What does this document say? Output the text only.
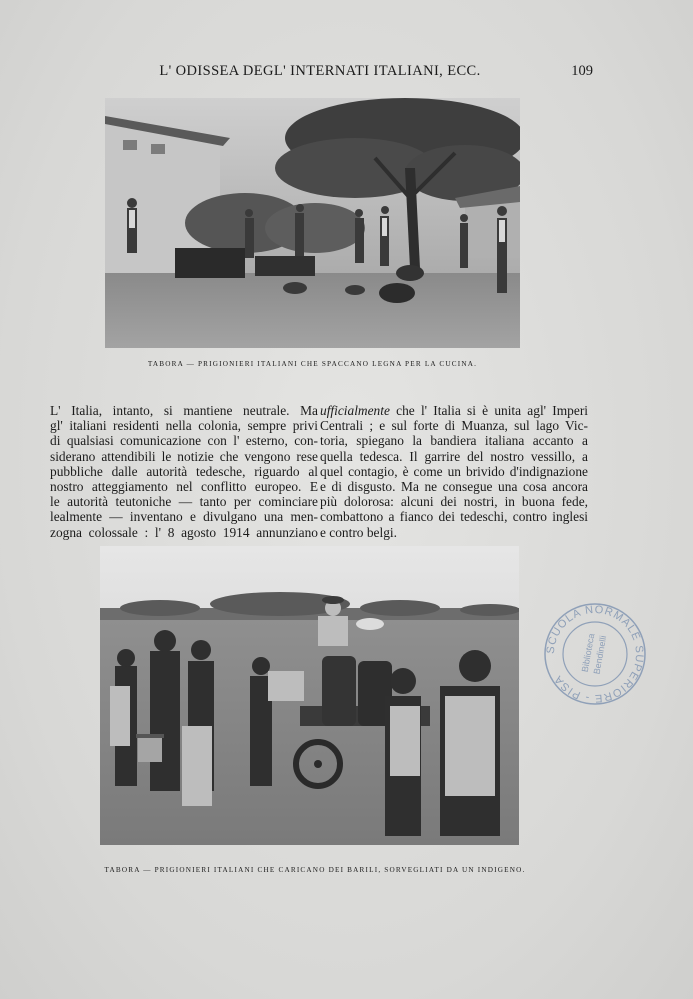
L' ODISSEA DEGL' INTERNATI ITALIANI, ECC.	109
TABORA — PRIGIONIERI ITALIANI CHE SPACCANO LEGNA PER LA CUCINA.
L' Italia, intanto, si mantiene neutrale. Ma
gl' italiani residenti nella colonia, sempre privi
di qualsiasi comunicazione con l' esterno, con-
siderano attendibili le notizie che vengono rese
pubbliche dalle autorità tedesche, riguardo al
nostro atteggiamento nel conflitto europeo. E
le autorità teutoniche — tanto per cominciare
lealmente — inventano e divulgano una men-
zogna colossale : l' 8 agosto 1914 annunziano
ufficialmente che l' Italia si è unita agl' Imperi
Centrali ; e sul forte di Muanza, sul lago Vic-
toria, spiegano la bandiera italiana accanto a
quella tedesca. Il garrire del nostro vessillo, a
quel contagio, è come un brivido d'indignazione
e di disgusto. Ma ne consegue una cosa ancora
più dolorosa: alcuni dei nostri, in buona fede,
combattono a fianco dei tedeschi, contro inglesi
e contro belgi.
TABORA — PRIGIONIERI ITALIANI CHE CARICANO DEI BARILI, SORVEGLIATI DA UN INDIGENO.
SCUOLA NORMALE SUPERIORE - PISA
Biblioteca
Bendinelli
